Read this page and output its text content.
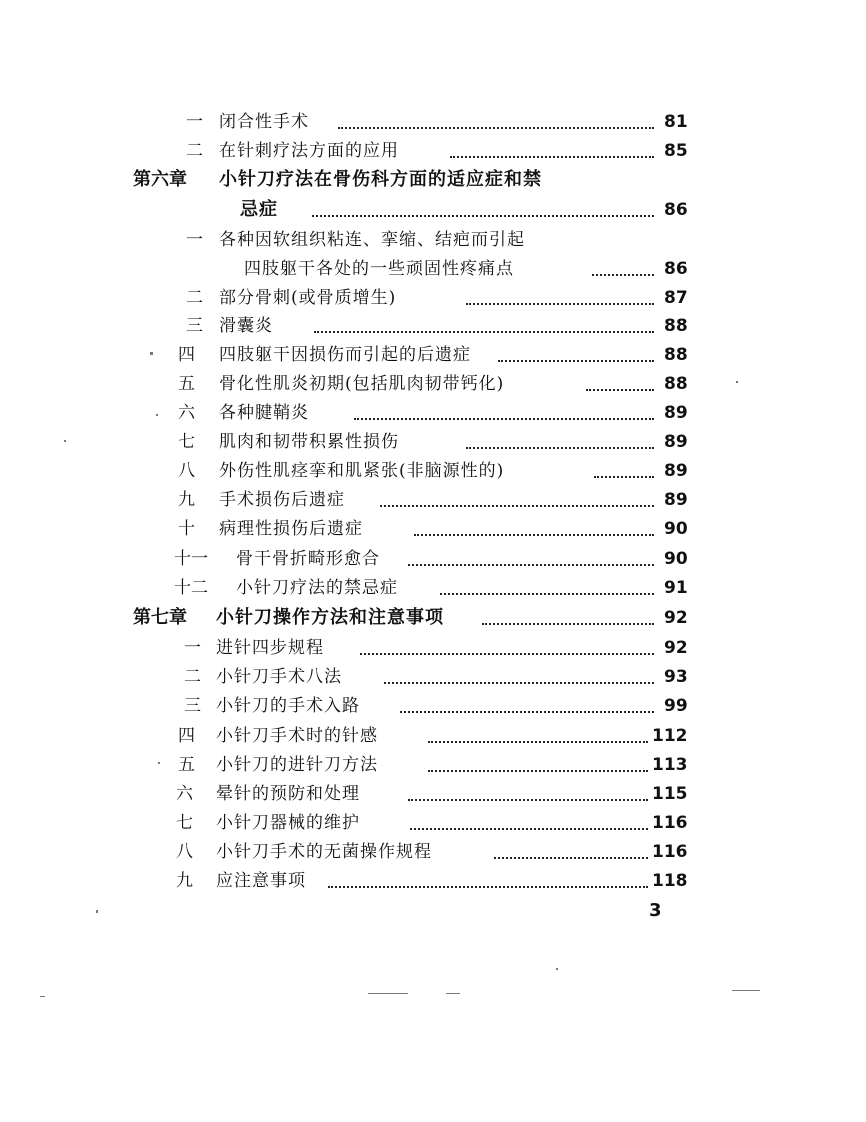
一 闭合性手术	81
二 在针刺疗法方面的应用	85
第六章 小针刀疗法在骨伤科方面的适应症和禁
忌症	86
一 各种因软组织粘连、挛缩、结疤而引起
四肢躯干各处的一些顽固性疼痛点	86
二 部分骨刺(或骨质增生)	87
三 滑囊炎	88
四 四肢躯干因损伤而引起的后遗症	88
五 骨化性肌炎初期(包括肌肉韧带钙化)	88
六 各种腱鞘炎	89
七 肌肉和韧带积累性损伤	89
八 外伤性肌痉挛和肌紧张(非脑源性的)	89
九 手术损伤后遗症	89
十 病理性损伤后遗症	90
十一 骨干骨折畸形愈合	90
十二 小针刀疗法的禁忌症	91
第七章 小针刀操作方法和注意事项	92
一 进针四步规程	92
二 小针刀手术八法	93
三 小针刀的手术入路	99
四 小针刀手术时的针感	112
五 小针刀的进针刀方法	113
六 晕针的预防和处理	115
七 小针刀器械的维护	116
八 小针刀手术的无菌操作规程	116
九 应注意事项	118
3
